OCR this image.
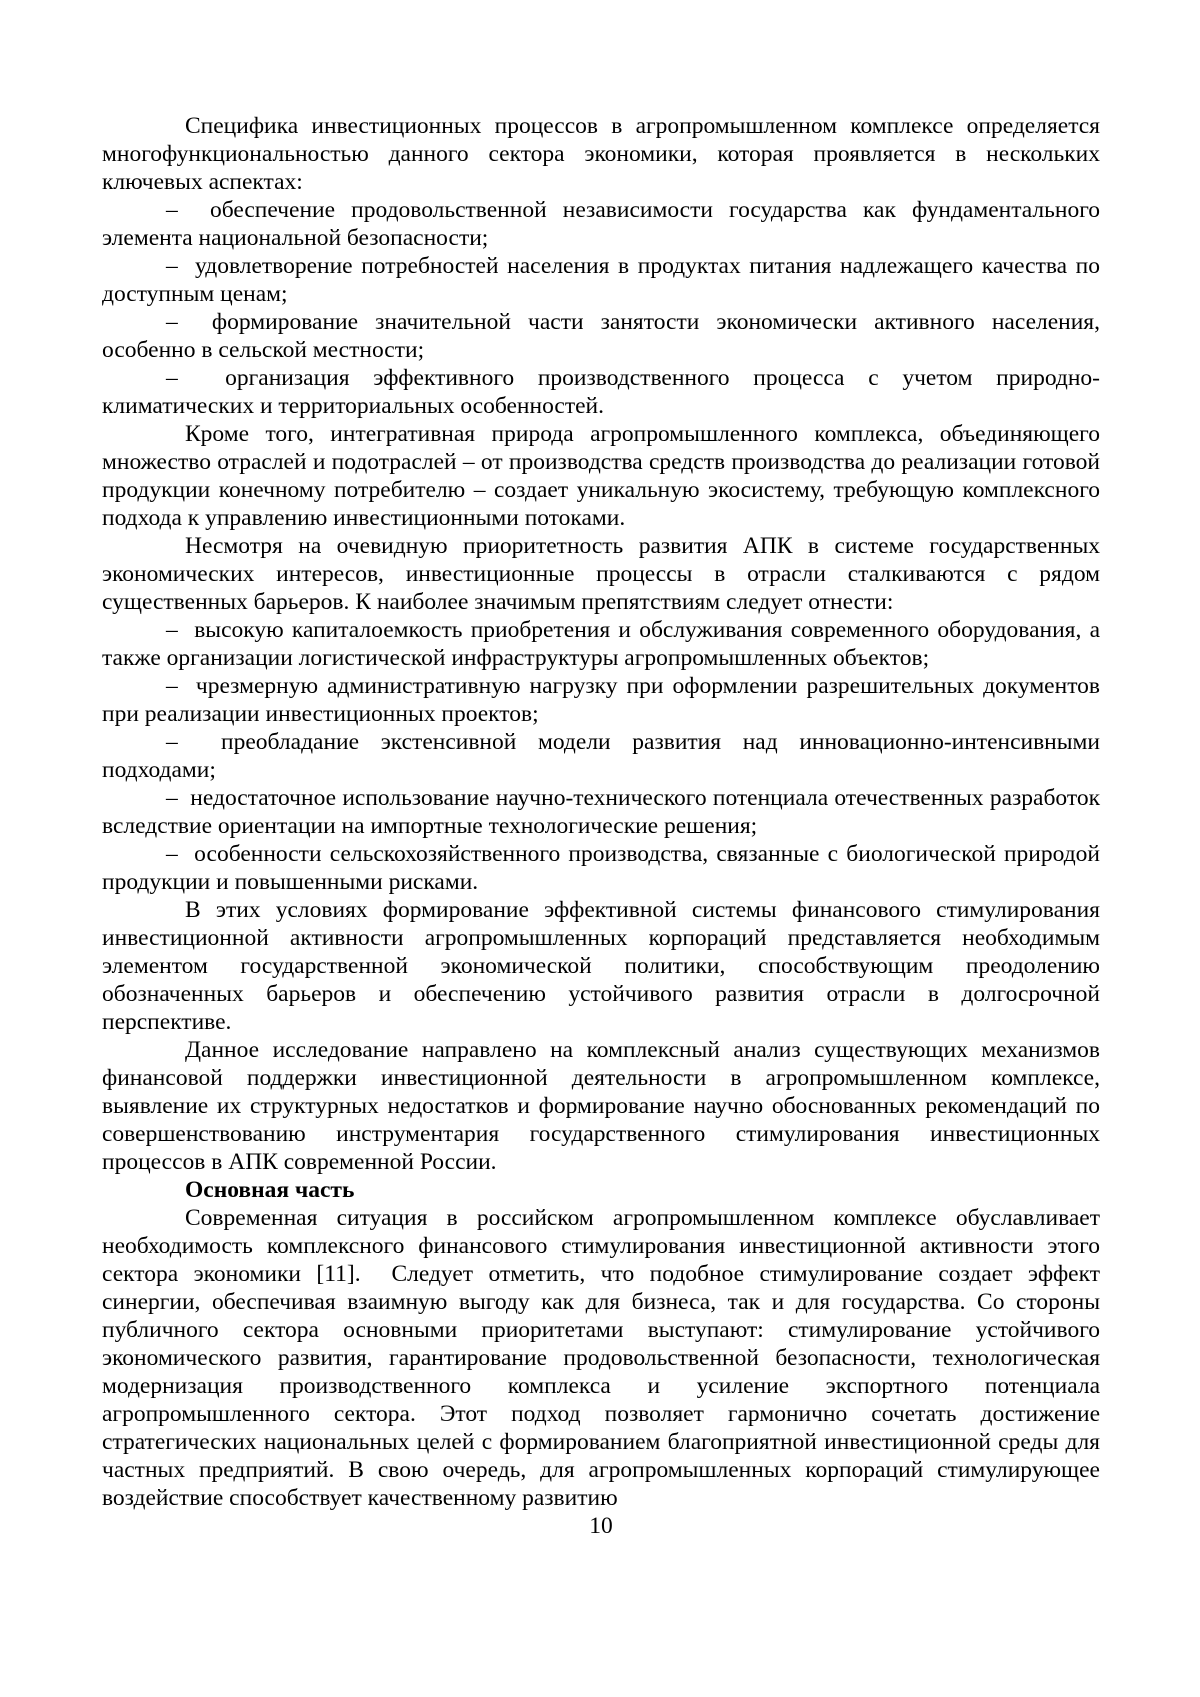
Специфика инвестиционных процессов в агропромышленном комплексе определяется многофункциональностью данного сектора экономики, которая проявляется в нескольких ключевых аспектах:

–  обеспечение продовольственной независимости государства как фундаментального элемента национальной безопасности;

–  удовлетворение потребностей населения в продуктах питания надлежащего качества по доступным ценам;

–  формирование значительной части занятости экономически активного населения, особенно в сельской местности;

–  организация эффективного производственного процесса с учетом природно-климатических и территориальных особенностей.

Кроме того, интегративная природа агропромышленного комплекса, объединяющего множество отраслей и подотраслей – от производства средств производства до реализации готовой продукции конечному потребителю – создает уникальную экосистему, требующую комплексного подхода к управлению инвестиционными потоками.

Несмотря на очевидную приоритетность развития АПК в системе государственных экономических интересов, инвестиционные процессы в отрасли сталкиваются с рядом существенных барьеров. К наиболее значимым препятствиям следует отнести:

–  высокую капиталоемкость приобретения и обслуживания современного оборудования, а также организации логистической инфраструктуры агропромышленных объектов;

–  чрезмерную административную нагрузку при оформлении разрешительных документов при реализации инвестиционных проектов;

–  преобладание экстенсивной модели развития над инновационно-интенсивными подходами;

–  недостаточное использование научно-технического потенциала отечественных разработок вследствие ориентации на импортные технологические решения;

–  особенности сельскохозяйственного производства, связанные с биологической природой продукции и повышенными рисками.

В этих условиях формирование эффективной системы финансового стимулирования инвестиционной активности агропромышленных корпораций представляется необходимым элементом государственной экономической политики, способствующим преодолению обозначенных барьеров и обеспечению устойчивого развития отрасли в долгосрочной перспективе.

Данное исследование направлено на комплексный анализ существующих механизмов финансовой поддержки инвестиционной деятельности в агропромышленном комплексе, выявление их структурных недостатков и формирование научно обоснованных рекомендаций по совершенствованию инструментария государственного стимулирования инвестиционных процессов в АПК современной России.

Основная часть

Современная ситуация в российском агропромышленном комплексе обуславливает необходимость комплексного финансового стимулирования инвестиционной активности этого сектора экономики [11].  Следует отметить, что подобное стимулирование создает эффект синергии, обеспечивая взаимную выгоду как для бизнеса, так и для государства. Со стороны публичного сектора основными приоритетами выступают: стимулирование устойчивого экономического развития, гарантирование продовольственной безопасности, технологическая модернизация производственного комплекса и усиление экспортного потенциала агропромышленного сектора. Этот подход позволяет гармонично сочетать достижение стратегических национальных целей с формированием благоприятной инвестиционной среды для частных предприятий. В свою очередь, для агропромышленных корпораций стимулирующее воздействие способствует качественному развитию

10
